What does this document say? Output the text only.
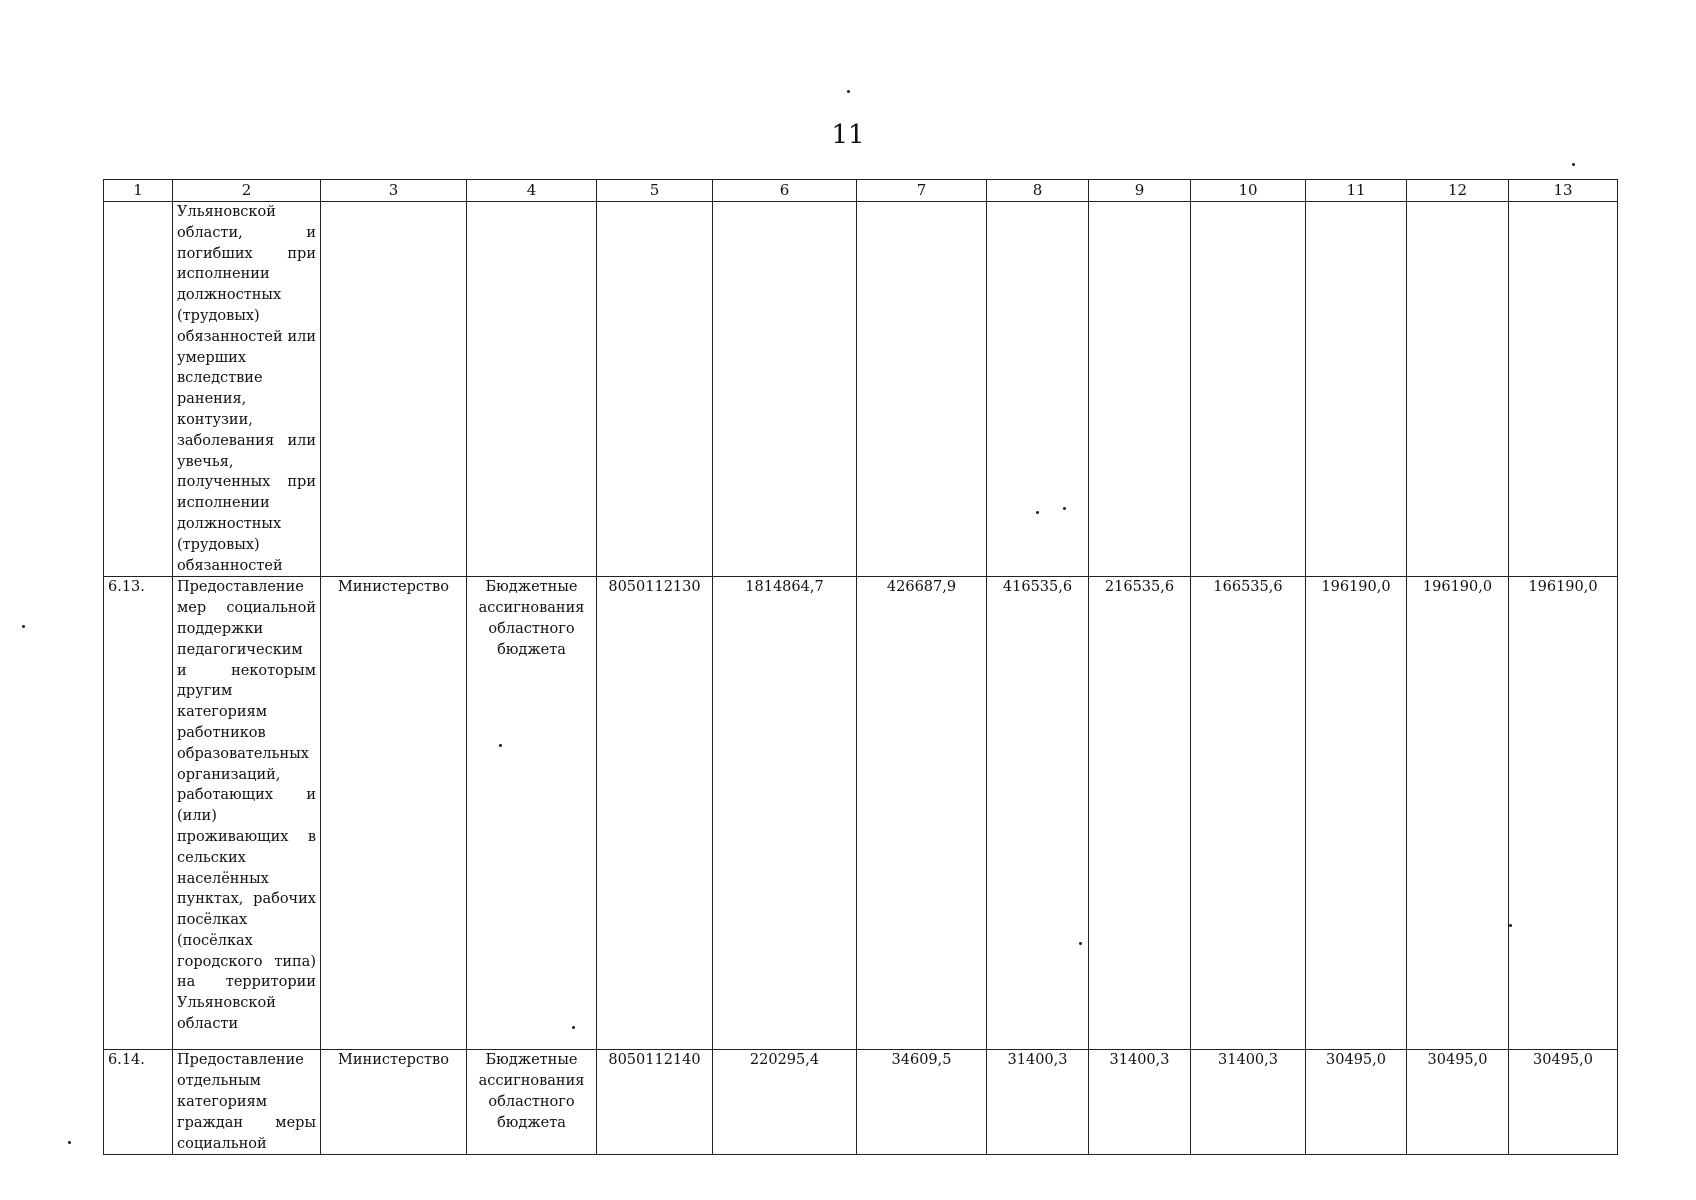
11
1	2	3	4	5	6	7	8	9	10	11	12	13
	Ульяновской области, и погибших при исполнении должностных (трудовых) обязанностей или умерших вследствие ранения, контузии, заболевания или увечья, полученных при исполнении должностных (трудовых) обязанностей											
6.13.	Предоставление мер социальной поддержки педагогическим и некоторым другим категориям работников образовательных организаций, работающих и (или) проживающих в сельских населённых пунктах, рабочих посёлках (посёлках городского типа) на территории Ульяновской области	Министерство	Бюджетные ассигнования областного бюджета	8050112130	1814864,7	426687,9	416535,6	216535,6	166535,6	196190,0	196190,0	196190,0
6.14.	Предоставление отдельным категориям граждан меры социальной	Министерство	Бюджетные ассигнования областного бюджета	8050112140	220295,4	34609,5	31400,3	31400,3	31400,3	30495,0	30495,0	30495,0
